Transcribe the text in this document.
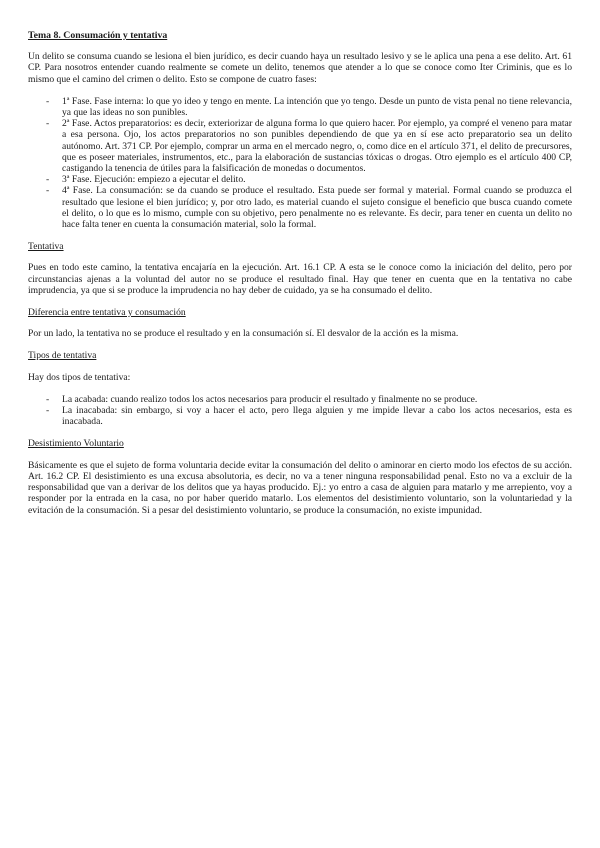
Tema 8. Consumación y tentativa

Un delito se consuma cuando se lesiona el bien jurídico, es decir cuando haya un resultado lesivo y se le aplica una pena a ese delito. Art. 61 CP. Para nosotros entender cuando realmente se comete un delito, tenemos que atender a lo que se conoce como Iter Criminis, que es lo mismo que el camino del crimen o delito. Esto se compone de cuatro fases:

- 1ª Fase. Fase interna: lo que yo ideo y tengo en mente. La intención que yo tengo. Desde un punto de vista penal no tiene relevancia, ya que las ideas no son punibles.
- 2ª Fase. Actos preparatorios: es decir, exteriorizar de alguna forma lo que quiero hacer. Por ejemplo, ya compré el veneno para matar a esa persona. Ojo, los actos preparatorios no son punibles dependiendo de que ya en sí ese acto preparatorio sea un delito autónomo. Art. 371 CP. Por ejemplo, comprar un arma en el mercado negro, o, como dice en el artículo 371, el delito de precursores, que es poseer materiales, instrumentos, etc., para la elaboración de sustancias tóxicas o drogas. Otro ejemplo es el artículo 400 CP, castigando la tenencia de útiles para la falsificación de monedas o documentos.
- 3ª Fase. Ejecución: empiezo a ejecutar el delito.
- 4ª Fase. La consumación: se da cuando se produce el resultado. Esta puede ser formal y material. Formal cuando se produzca el resultado que lesione el bien jurídico; y, por otro lado, es material cuando el sujeto consigue el beneficio que busca cuando comete el delito, o lo que es lo mismo, cumple con su objetivo, pero penalmente no es relevante. Es decir, para tener en cuenta un delito no hace falta tener en cuenta la consumación material, solo la formal.
Tentativa

Pues en todo este camino, la tentativa encajaría en la ejecución. Art. 16.1 CP. A esta se le conoce como la iniciación del delito, pero por circunstancias ajenas a la voluntad del autor no se produce el resultado final. Hay que tener en cuenta que en la tentativa no cabe imprudencia, ya que si se produce la imprudencia no hay deber de cuidado, ya se ha consumado el delito.

Diferencia entre tentativa y consumación

Por un lado, la tentativa no se produce el resultado y en la consumación sí. El desvalor de la acción es la misma.

Tipos de tentativa

Hay dos tipos de tentativa:

- La acabada: cuando realizo todos los actos necesarios para producir el resultado y finalmente no se produce.
- La inacabada: sin embargo, si voy a hacer el acto, pero llega alguien y me impide llevar a cabo los actos necesarios, esta es inacabada.
Desistimiento Voluntario

Básicamente es que el sujeto de forma voluntaria decide evitar la consumación del delito o aminorar en cierto modo los efectos de su acción. Art. 16.2 CP. El desistimiento es una excusa absolutoria, es decir, no va a tener ninguna responsabilidad penal. Esto no va a excluir de la responsabilidad que van a derivar de los delitos que ya hayas producido. Ej.: yo entro a casa de alguien para matarlo y me arrepiento, voy a responder por la entrada en la casa, no por haber querido matarlo. Los elementos del desistimiento voluntario, son la voluntariedad y la evitación de la consumación. Si a pesar del desistimiento voluntario, se produce la consumación, no existe impunidad.
